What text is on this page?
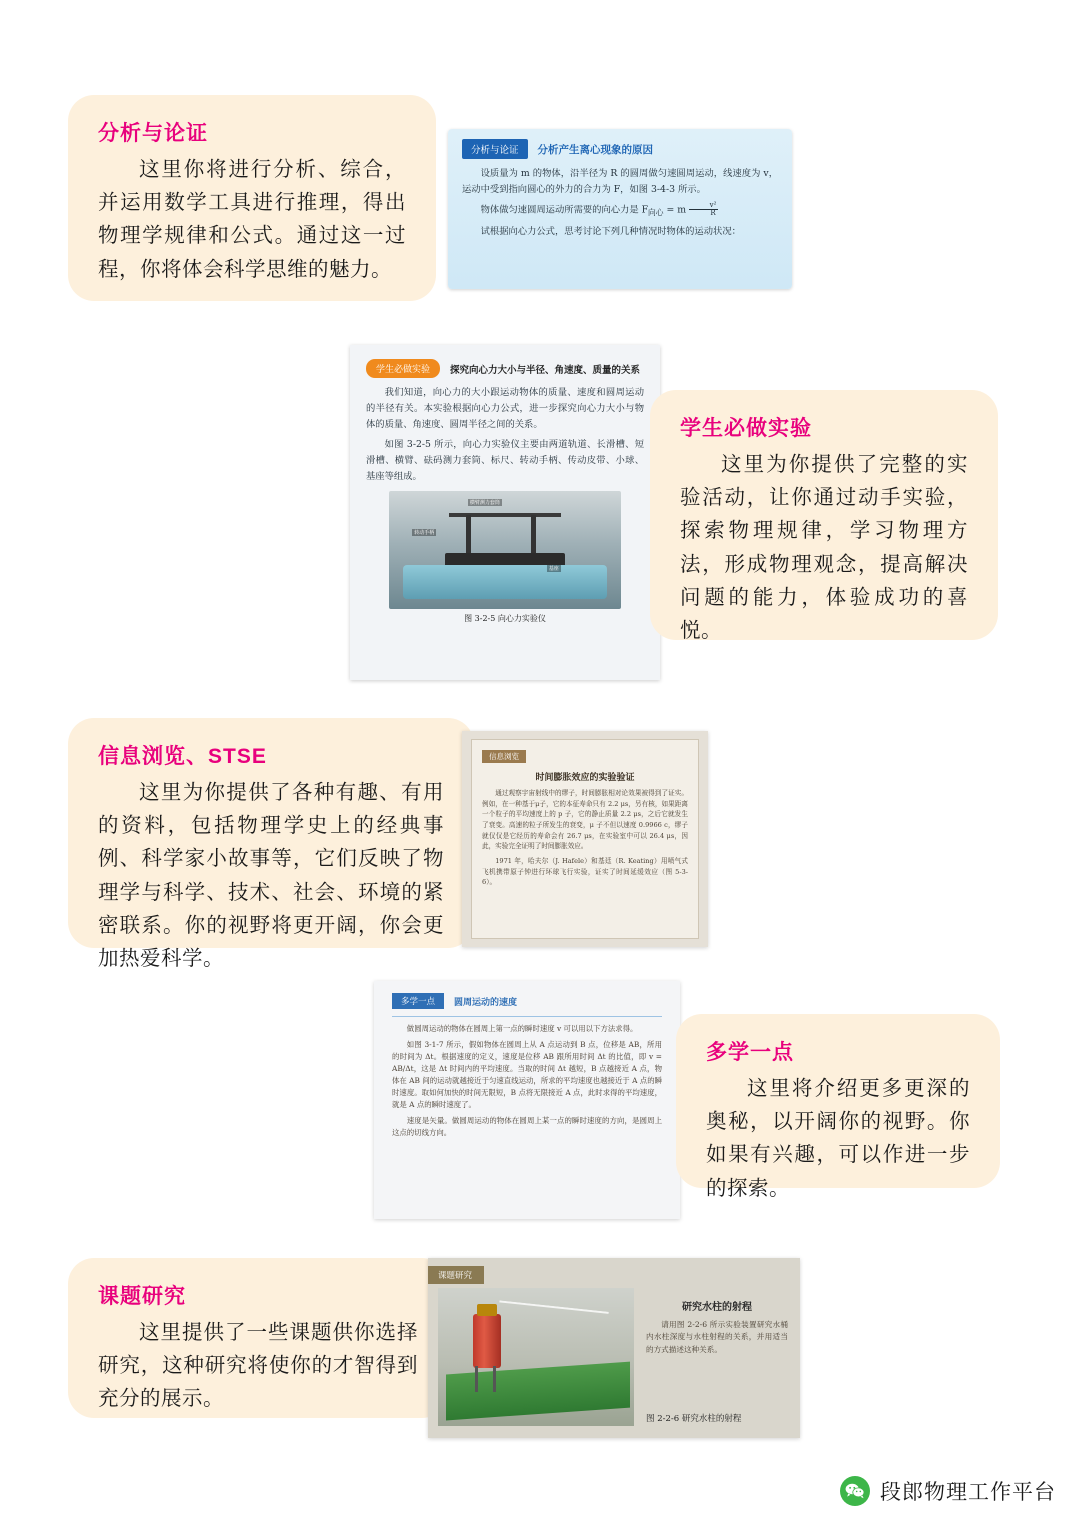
分析与论证
这里你将进行分析、综合，并运用数学工具进行推理，得出物理学规律和公式。通过这一过程，你将体会科学思维的魅力。
分析与论证	分析产生离心现象的原因

设质量为 m 的物体，沿半径为 R 的圆周做匀速圆周运动，线速度为 v，运动中受到指向圆心的外力的合力为 F，如图 3-4-3 所示。

物体做匀速圆周运动所需要的向心力是 $F_{向心} = m \frac{\text{v²}}{R}$

试根据向心力公式，思考讨论下列几种情况时物体的运动状况：

学生必做实验	探究向心力大小与半径、角速度、质量的关系

我们知道，向心力的大小跟运动物体的质量、速度和圆周运动的半径有关。本实验根据向心力公式，进一步探究向心力大小与物体的质量、角速度、圆周半径之间的关系。

如图 3-2-5 所示，向心力实验仪主要由两道轨道、长滑槽、短滑槽、横臂、砝码测力套筒、标尺、转动手柄、传动皮带、小球、基座等组成。

横臂测力套筒
转动手柄
基座
图 3-2-5 向心力实验仪
学生必做实验
这里为你提供了完整的实验活动，让你通过动手实验，探索物理规律，学习物理方法，形成物理观念，提高解决问题的能力，体验成功的喜悦。
信息浏览、STSE
这里为你提供了各种有趣、有用的资料，包括物理学史上的经典事例、科学家小故事等，它们反映了物理学与科学、技术、社会、环境的紧密联系。你的视野将更开阔，你会更加热爱科学。
信息浏览
时间膨胀效应的实验验证

通过观察宇宙射线中的缪子，时间膨胀相对论效果被得到了证实。例如，在一种基于μ子，它的本征寿命只有 2.2 μs，另有核，如果距离一个粒子的平均速度上的 p 子，它的静止质量 2.2 μs，之后它就发生了衰变。高速的粒子所发生的衰变，μ 子不但以速度 0.9966 c，缪子就仅仅是它经历的寿命会有 26.7 μs，在实验室中可以 26.4 μs，因此，实验完全证明了时间膨胀效应。

1971 年，哈夫尔（J. Hafele）和基廷（R. Keating）用喷气式飞机携带原子钟进行环球飞行实验，证实了时间延缓效应（图 5-3-6）。

多学一点	圆周运动的速度

做圆周运动的物体在圆周上第一点的瞬时速度 v 可以用以下方法求得。

如图 3-1-7 所示，假如物体在圆周上从 A 点运动到 B 点，位移是 AB，所用的时间为 Δt。根据速度的定义，速度是位移 AB 跟所用时间 Δt 的比值，即 v = AB/Δt，这是 Δt 时间内的平均速度。当取的时间 Δt 越短，B 点越接近 A 点，物体在 AB 间的运动就越接近于匀速直线运动，所求的平均速度也越接近于 A 点的瞬时速度。取如何加快的时间无限短，B 点将无限接近 A 点，此时求得的平均速度，就是 A 点的瞬时速度了。

速度是矢量。做圆周运动的物体在圆周上某一点的瞬时速度的方向，是圆周上这点的切线方向。

多学一点
这里将介绍更多更深的奥秘，以开阔你的视野。你如果有兴趣，可以作进一步的探索。
课题研究
这里提供了一些课题供你选择研究，这种研究将使你的才智得到充分的展示。
课题研究
研究水柱的射程

请用图 2-2-6 所示实验装置研究水桶内水柱深度与水柱射程的关系，并用适当的方式描述这种关系。

图 2-2-6 研究水柱的射程
段郎物理工作平台
